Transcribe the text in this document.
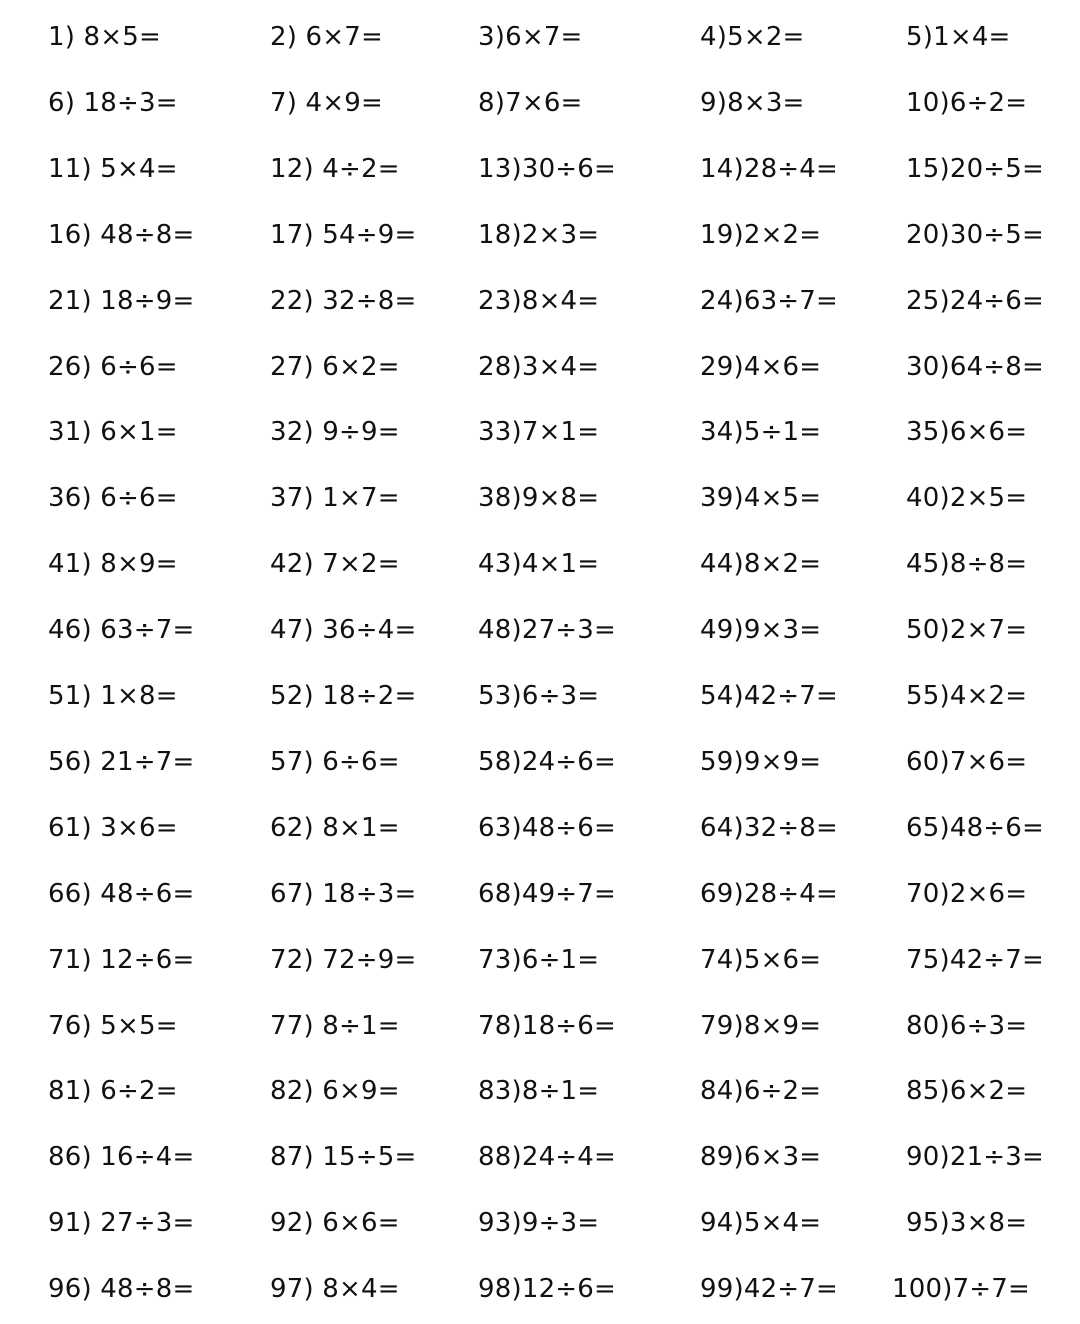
1) 8×5=	2) 6×7=	3)6×7=	4)5×2=	5)1×4=
6) 18÷3=	7) 4×9=	8)7×6=	9)8×3=	10)6÷2=
11) 5×4=	12) 4÷2=	13)30÷6=	14)28÷4=	15)20÷5=
16) 48÷8=	17) 54÷9= 18)2×3=	19)2×2=	20)30÷5=
21) 18÷9=	22) 32÷8= 23)8×4=	24)63÷7=	25)24÷6=
26) 6÷6=	27) 6×2=	28)3×4=	29)4×6=	30)64÷8=
31) 6×1=	32) 9÷9=	33)7×1=	34)5÷1=	35)6×6=
36) 6÷6=	37) 1×7=	38)9×8=	39)4×5=	40)2×5=
41) 8×9=	42) 7×2=	43)4×1=	44)8×2=	45)8÷8=
46) 63÷7=	47) 36÷4= 48)27÷3=	49)9×3=	50)2×7=
51) 1×8=	52) 18÷2= 53)6÷3=	54)42÷7=	55)4×2=
56) 21÷7=	57) 6÷6=	58)24÷6=	59)9×9=	60)7×6=
61) 3×6=	62) 8×1=	63)48÷6=	64)32÷8=	65)48÷6=
66) 48÷6=	67) 18÷3= 68)49÷7=	69)28÷4=	70)2×6=
71) 12÷6=	72) 72÷9= 73)6÷1=	74)5×6=	75)42÷7=
76) 5×5=	77) 8÷1=	78)18÷6=	79)8×9=	80)6÷3=
81) 6÷2=	82) 6×9=	83)8÷1=	84)6÷2=	85)6×2=
86) 16÷4=	87) 15÷5= 88)24÷4=	89)6×3=	90)21÷3=
91) 27÷3=	92) 6×6=	93)9÷3=	94)5×4=	95)3×8=
96) 48÷8=	97) 8×4=	98)12÷6=	99)42÷7= 100)7÷7=
